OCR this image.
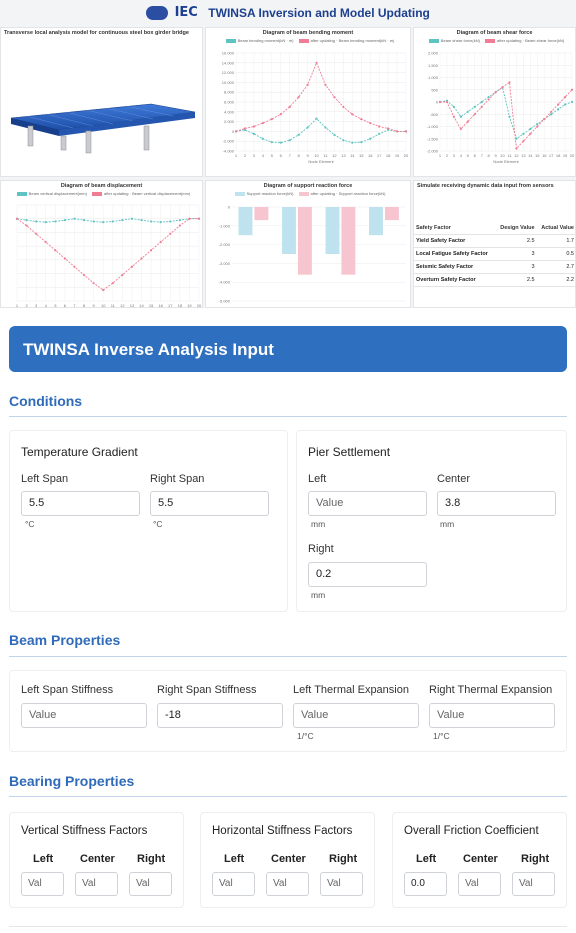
IEC TWINSA Inversion and Model Updating
Transverse local analysis model for continuous steel box girder bridge	Diagram of beam bending moment
Beam bending moment(kN · m)	after updating · Beam bending moment(kN · m)
16.000
14.000
12.000
10.000
8.000
6.000
4.000
2.000
0
-2.000
-4.000
1 2 3 4 5 6 7 8 9 10 11 12 13 14 15 16 17 18 19 20
Node Element
Diagram of beam shear force
Beam shear force(kN)	after updating · Beam shear force(kN)
2.000
1.500
1.000
500
0
-500
-1.000
-1.500
-2.000
1 2 3 4 5 6 7 8 9 10 11 12 13 14 15 16 17 18 19 20
Node Element
Diagram of beam displacement
Beam vertical displacement(mm)	after updating · Beam vertical displacement(mm)
1 2 3 4 5 6 7 8 9 10 11 12 13 14 15 16 17 18 19 20
Diagram of support reaction force
Support reaction force(kN)	after updating · Support reaction force(kN)
0
-1.000
-2.000
-3.000
-4.000
-5.000
Simulate receiving dynamic data input from sensors
Safety Factor	Design Value	Actual Value
Yield Safety Factor	2.5	1.7
Local Fatigue Safety Factor	3	0.5
Seismic Safety Factor	3	2.7
Overturn Safety Factor	2.5	2.2
TWINSA Inverse Analysis Input
Conditions
Temperature Gradient
Left Span
5.5
°C
Right Span
5.5
°C
Pier Settlement
Left
Value
mm
Center
3.8
mm
Right
0.2
mm
Beam Properties
Left Span Stiffness
Value
Right Span Stiffness
-18
Left Thermal Expansion
Value
1/°C
Right Thermal Expansion
Value
1/°C
Bearing Properties
Vertical Stiffness Factors
Left Center Right
Val	Val	Val
Horizontal Stiffness Factors
Left Center Right
Val	Val	Val
Overall Friction Coefficient
Left Center Right
0.0	Val	Val
